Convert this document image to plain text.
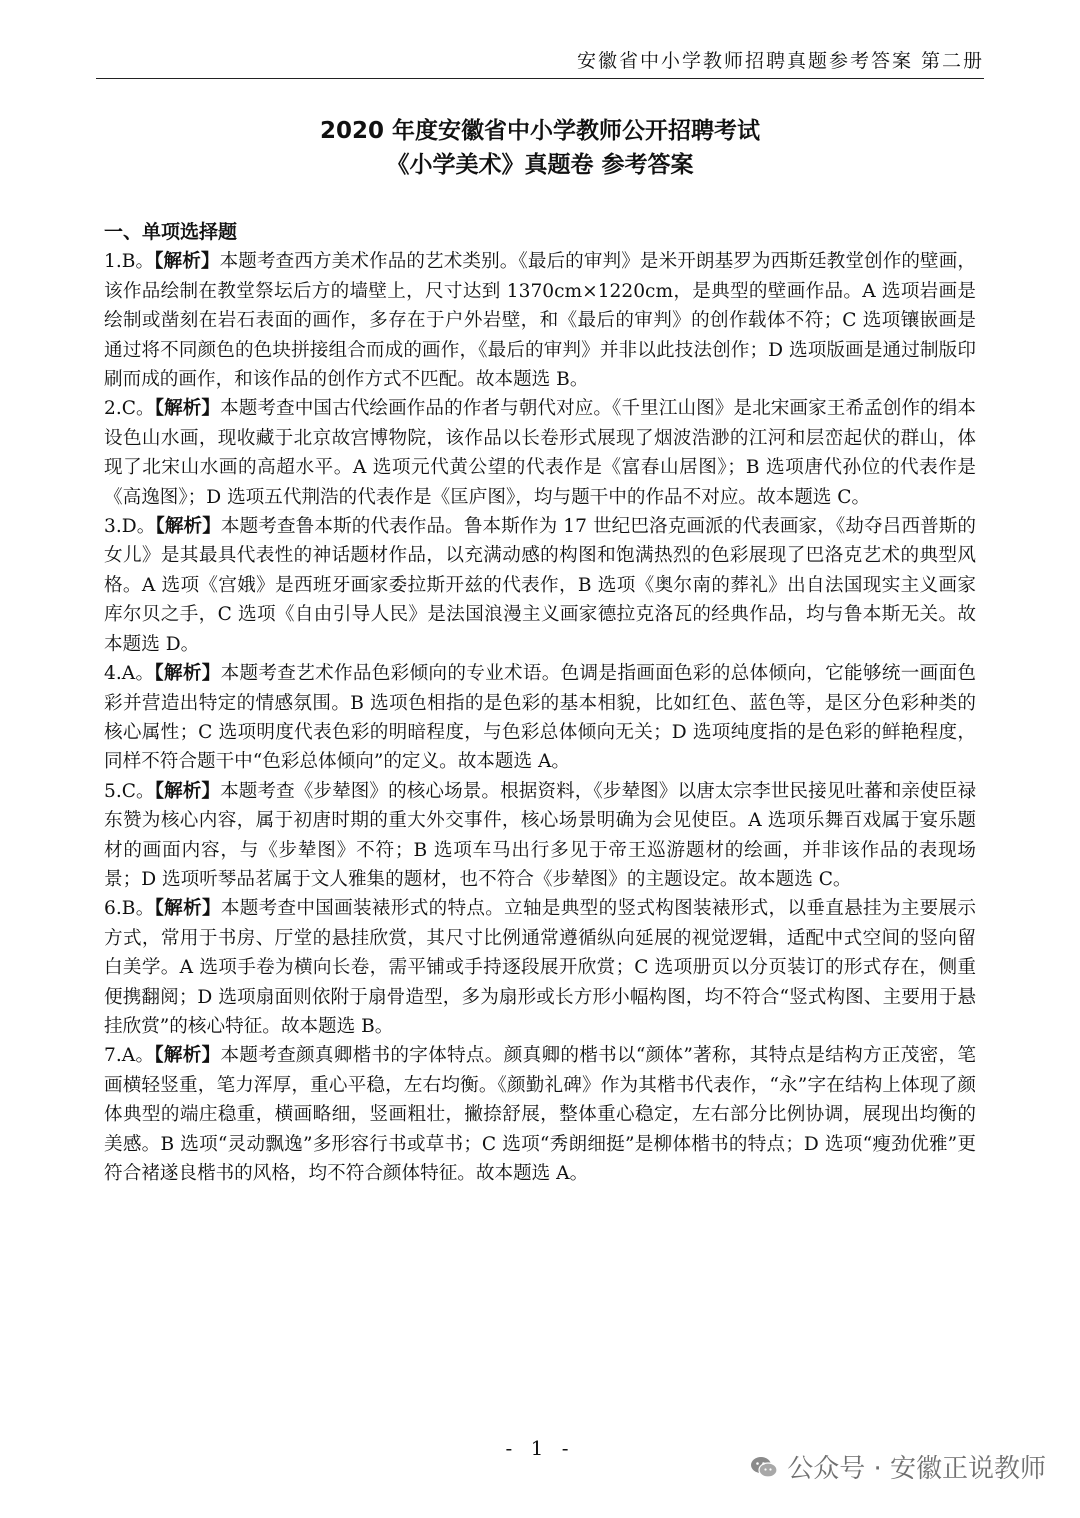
安徽省中小学教师招聘真题参考答案 第二册
2020 年度安徽省中小学教师公开招聘考试
《小学美术》真题卷 参考答案
一、单项选择题

1.B。【解析】本题考查西方美术作品的艺术类别。《最后的审判》是米开朗基罗为西斯廷教堂创作的壁画，该作品绘制在教堂祭坛后方的墙壁上，尺寸达到 1370cm×1220cm，是典型的壁画作品。A 选项岩画是绘制或凿刻在岩石表面的画作，多存在于户外岩壁，和《最后的审判》的创作载体不符；C 选项镶嵌画是通过将不同颜色的色块拼接组合而成的画作，《最后的审判》并非以此技法创作；D 选项版画是通过制版印刷而成的画作，和该作品的创作方式不匹配。故本题选 B。

2.C。【解析】本题考查中国古代绘画作品的作者与朝代对应。《千里江山图》是北宋画家王希孟创作的绢本设色山水画，现收藏于北京故宫博物院，该作品以长卷形式展现了烟波浩渺的江河和层峦起伏的群山，体现了北宋山水画的高超水平。A 选项元代黄公望的代表作是《富春山居图》；B 选项唐代孙位的代表作是《高逸图》；D 选项五代荆浩的代表作是《匡庐图》，均与题干中的作品不对应。故本题选 C。

3.D。【解析】本题考查鲁本斯的代表作品。鲁本斯作为 17 世纪巴洛克画派的代表画家，《劫夺吕西普斯的女儿》是其最具代表性的神话题材作品，以充满动感的构图和饱满热烈的色彩展现了巴洛克艺术的典型风格。A 选项《宫娥》是西班牙画家委拉斯开兹的代表作，B 选项《奥尔南的葬礼》出自法国现实主义画家库尔贝之手，C 选项《自由引导人民》是法国浪漫主义画家德拉克洛瓦的经典作品，均与鲁本斯无关。故本题选 D。

4.A。【解析】本题考查艺术作品色彩倾向的专业术语。色调是指画面色彩的总体倾向，它能够统一画面色彩并营造出特定的情感氛围。B 选项色相指的是色彩的基本相貌，比如红色、蓝色等，是区分色彩种类的核心属性；C 选项明度代表色彩的明暗程度，与色彩总体倾向无关；D 选项纯度指的是色彩的鲜艳程度，同样不符合题干中“色彩总体倾向”的定义。故本题选 A。

5.C。【解析】本题考查《步辇图》的核心场景。根据资料，《步辇图》以唐太宗李世民接见吐蕃和亲使臣禄东赞为核心内容，属于初唐时期的重大外交事件，核心场景明确为会见使臣。A 选项乐舞百戏属于宴乐题材的画面内容，与《步辇图》不符；B 选项车马出行多见于帝王巡游题材的绘画，并非该作品的表现场景；D 选项听琴品茗属于文人雅集的题材，也不符合《步辇图》的主题设定。故本题选 C。

6.B。【解析】本题考查中国画装裱形式的特点。立轴是典型的竖式构图装裱形式，以垂直悬挂为主要展示方式，常用于书房、厅堂的悬挂欣赏，其尺寸比例通常遵循纵向延展的视觉逻辑，适配中式空间的竖向留白美学。A 选项手卷为横向长卷，需平铺或手持逐段展开欣赏；C 选项册页以分页装订的形式存在，侧重便携翻阅；D 选项扇面则依附于扇骨造型，多为扇形或长方形小幅构图，均不符合“竖式构图、主要用于悬挂欣赏”的核心特征。故本题选 B。

7.A。【解析】本题考查颜真卿楷书的字体特点。颜真卿的楷书以“颜体”著称，其特点是结构方正茂密，笔画横轻竖重，笔力浑厚，重心平稳，左右均衡。《颜勤礼碑》作为其楷书代表作，“永”字在结构上体现了颜体典型的端庄稳重，横画略细，竖画粗壮，撇捺舒展，整体重心稳定，左右部分比例协调，展现出均衡的美感。B 选项“灵动飘逸”多形容行书或草书；C 选项“秀朗细挺”是柳体楷书的特点；D 选项“瘦劲优雅”更符合褚遂良楷书的风格，均不符合颜体特征。故本题选 A。

- 1 -
公众号 · 安徽正说教师
